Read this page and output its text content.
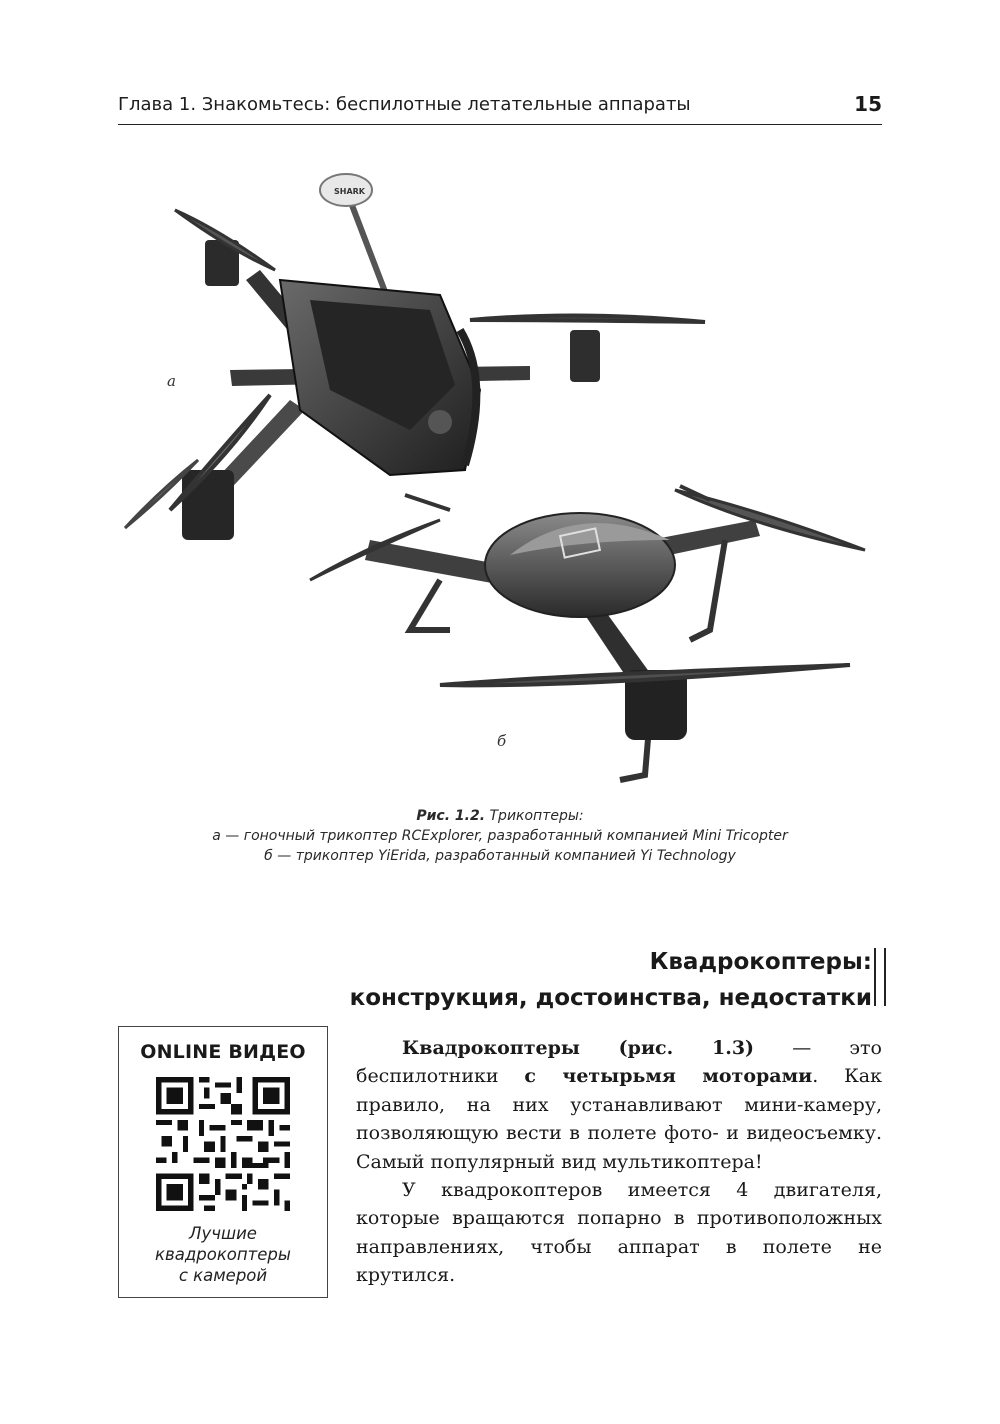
Глава 1. Знакомьтесь: беспилотные летательные аппараты	15
SHARK
а
б
Рис. 1.2. Трикоптеры:
а — гоночный трикоптер RCExplorer, разработанный компанией Mini Tricopter
б — трикоптер YiErida, разработанный компанией Yi Technology
Квадрокоптеры:
конструкция, достоинства, недостатки
ONLINE ВИДЕО
Лучшие
квадрокоптеры
с камерой

Квадрокоптеры (рис. 1.3) — это беспилотники с четырьмя моторами. Как правило, на них устанавливают мини-камеру, позволяющую вести в полете фото- и видеосъемку. Самый популярный вид мультикоптера!

У квадрокоптеров имеется 4 двигателя, которые вращаются попарно в противоположных направлениях, чтобы аппарат в полете не крутился.
